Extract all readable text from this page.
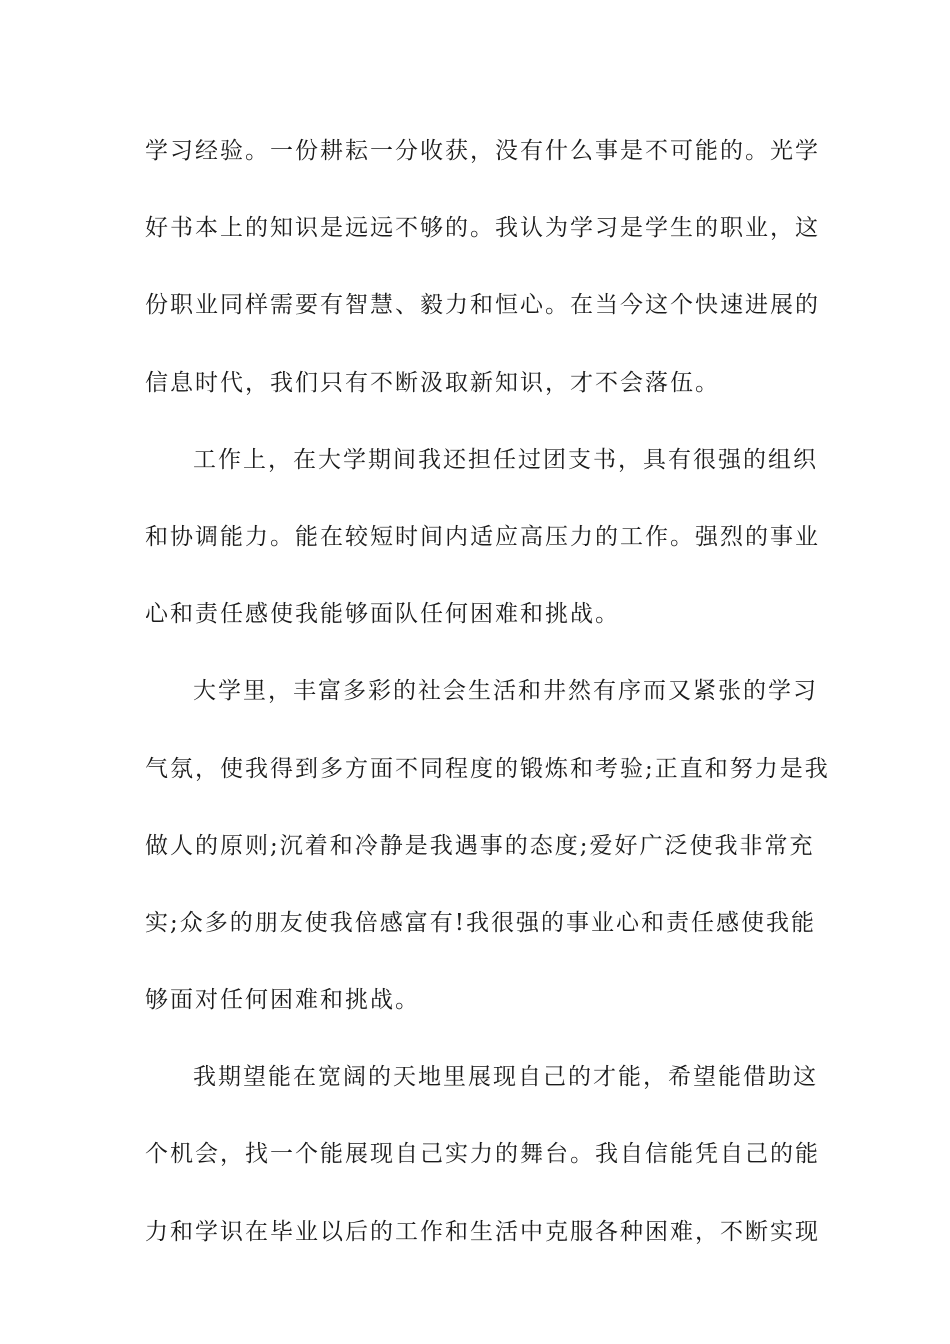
学习经验。一份耕耘一分收获，没有什么事是不可能的。光学
好书本上的知识是远远不够的。我认为学习是学生的职业，这
份职业同样需要有智慧、毅力和恒心。在当今这个快速进展的
信息时代，我们只有不断汲取新知识，才不会落伍。
工作上，在大学期间我还担任过团支书，具有很强的组织
和协调能力。能在较短时间内适应高压力的工作。强烈的事业
心和责任感使我能够面队任何困难和挑战。
大学里，丰富多彩的社会生活和井然有序而又紧张的学习
气氛，使我得到多方面不同程度的锻炼和考验;正直和努力是我
做人的原则;沉着和冷静是我遇事的态度;爱好广泛使我非常充
实;众多的朋友使我倍感富有!我很强的事业心和责任感使我能
够面对任何困难和挑战。
我期望能在宽阔的天地里展现自己的才能，希望能借助这
个机会，找一个能展现自己实力的舞台。我自信能凭自己的能
力和学识在毕业以后的工作和生活中克服各种困难，不断实现
